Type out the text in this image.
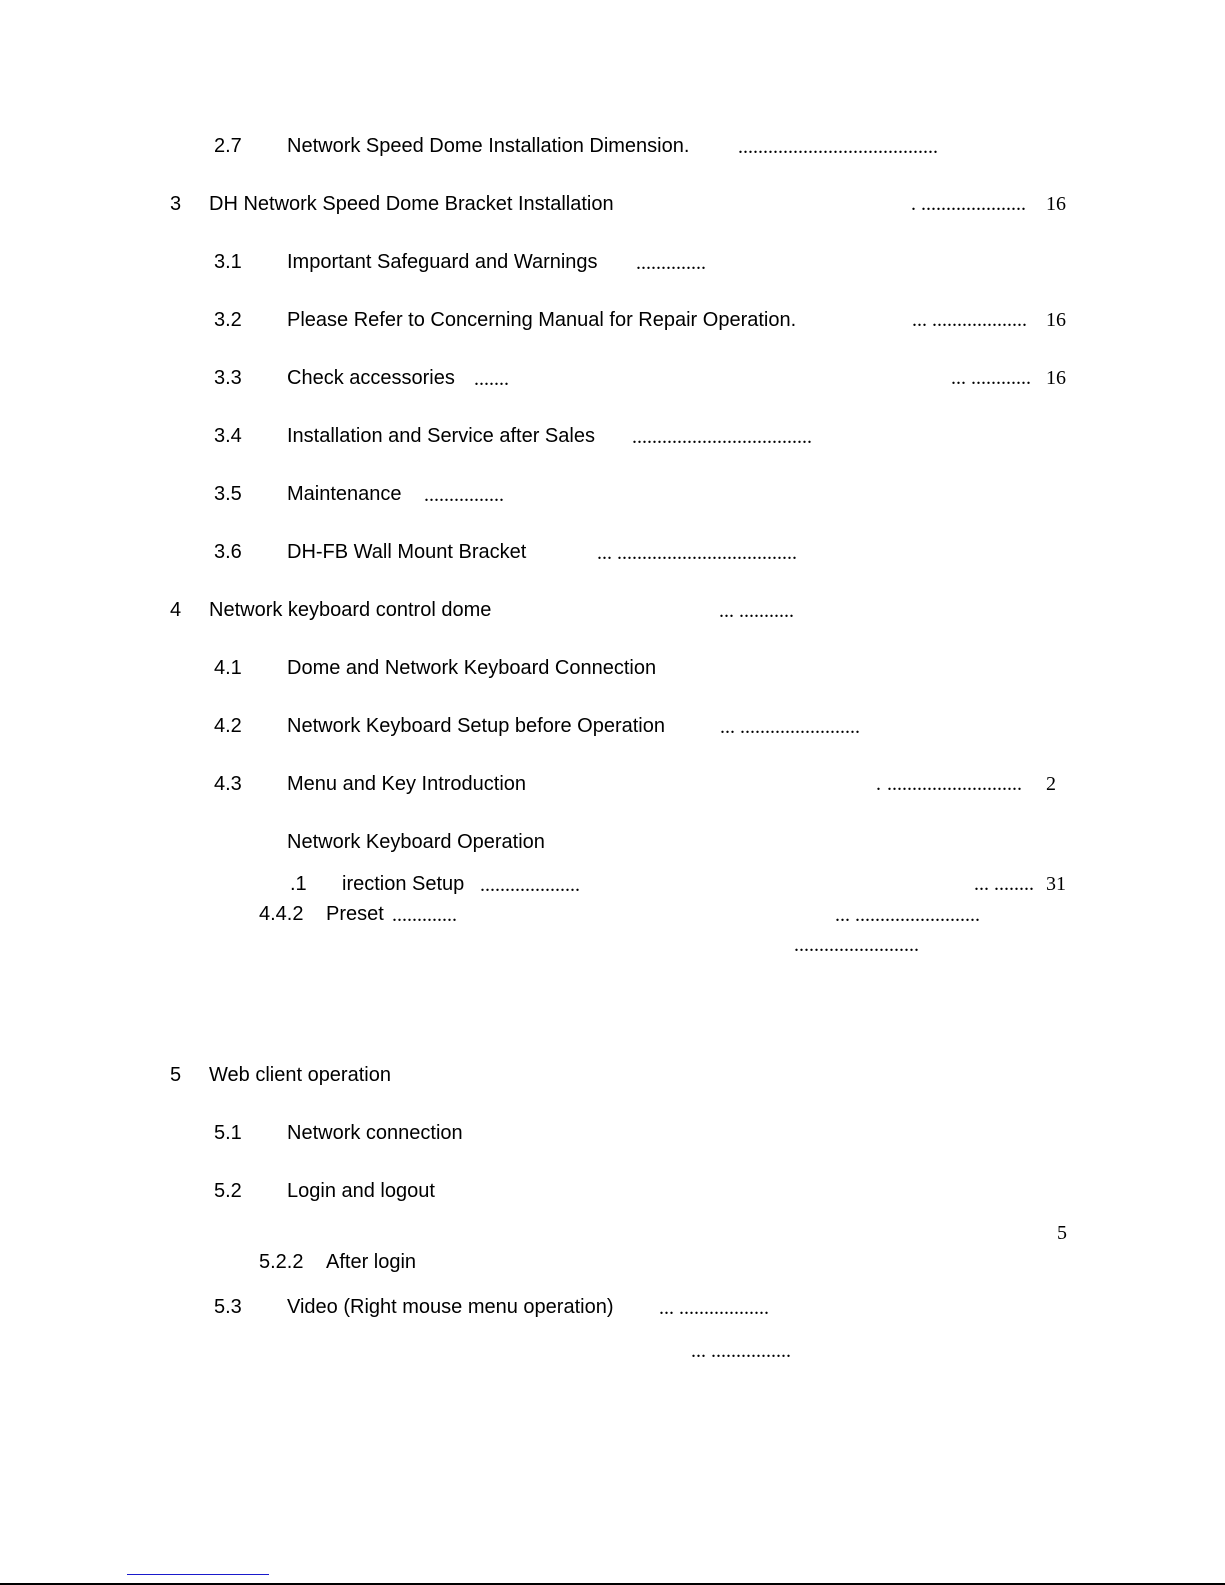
2.7 Network Speed Dome Installation Dimension. ........................................
3 DH Network Speed Dome Bracket Installation	. ..................... 16
3.1 Important Safeguard and Warnings ..............
3.2 Please Refer to Concerning Manual for Repair Operation.	... ................... 16
3.3 Check accessories .......	... ............ 16
3.4 Installation and Service after Sales ....................................
3.5 Maintenance ................
3.6 DH-FB Wall Mount Bracket	... ....................................
4 Network keyboard control dome	... ...........
4.1 Dome and Network Keyboard Connection
4.2 Network Keyboard Setup before Operation	... ........................
4.3 Menu and Key Introduction	. ........................... 2
Network Keyboard Operation
.1 irection Setup ....................	... ........ 31
4.4.2 Preset .............	... .........................
.........................
5 Web client operation
5.1 Network connection
5.2 Login and logout
5
5.2.2 After login
5.3 Video (Right mouse menu operation) ... ..................
... ................
